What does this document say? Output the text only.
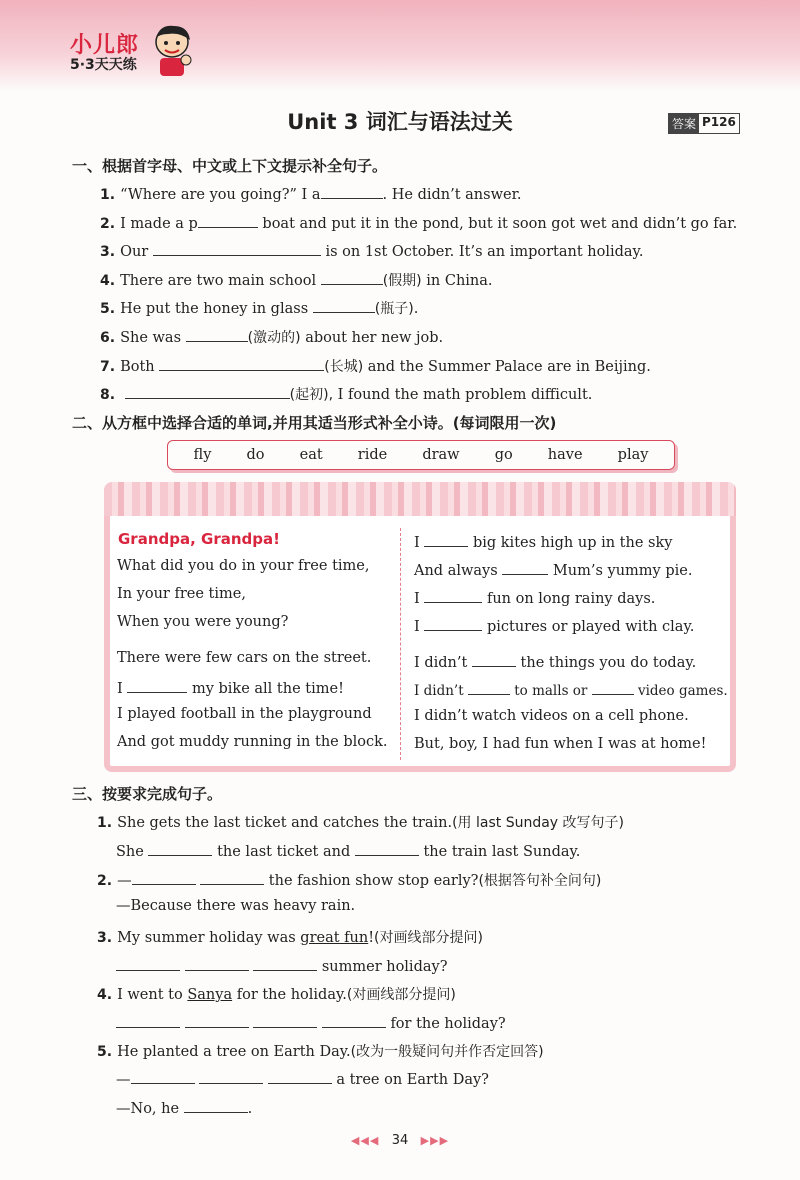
小儿郎
5·3天天练
Unit 3 词汇与语法过关	答案 P126
一、根据首字母、中文或上下文提示补全句子。
1. “Where are you going?” I a	. He didn’t answer.
2. I made a p	boat and put it in the pond, but it soon got wet and didn’t go far.
3. Our	is on 1st October. It’s an important holiday.
4. There are two main school	(假期) in China.
5. He put the honey in glass	(瓶子).
6. She was	(激动的) about her new job.
7. Both	(长城) and the Summer Palace are in Beijing.
8.	(起初), I found the math problem difficult.
二、从方框中选择合适的单词,并用其适当形式补全小诗。(每词限用一次)
fly do eat ride draw go have play
Grandpa, Grandpa!
What did you do in your free time,
In your free time,
When you were young?
There were few cars on the street.
I	my bike all the time!
I played football in the playground
And got muddy running in the block.
I	big kites high up in the sky
And always	Mum’s yummy pie.
I	fun on long rainy days.
I	pictures or played with clay.
I didn’t	the things you do today.
I didn’t	to malls or	video games.
I didn’t watch videos on a cell phone.
But, boy, I had fun when I was at home!
三、按要求完成句子。
1. She gets the last ticket and catches the train.(用 last Sunday 改写句子)
She	the last ticket and	the train last Sunday.
2. —	the fashion show stop early?(根据答句补全问句)
—Because there was heavy rain.
3. My summer holiday was great fun!(对画线部分提问)
summer holiday?
4. I went to Sanya for the holiday.(对画线部分提问)
for the holiday?
5. He planted a tree on Earth Day.(改为一般疑问句并作否定回答)
—	a tree on Earth Day?
—No, he	.
◀◀◀ 34 ▶▶▶
